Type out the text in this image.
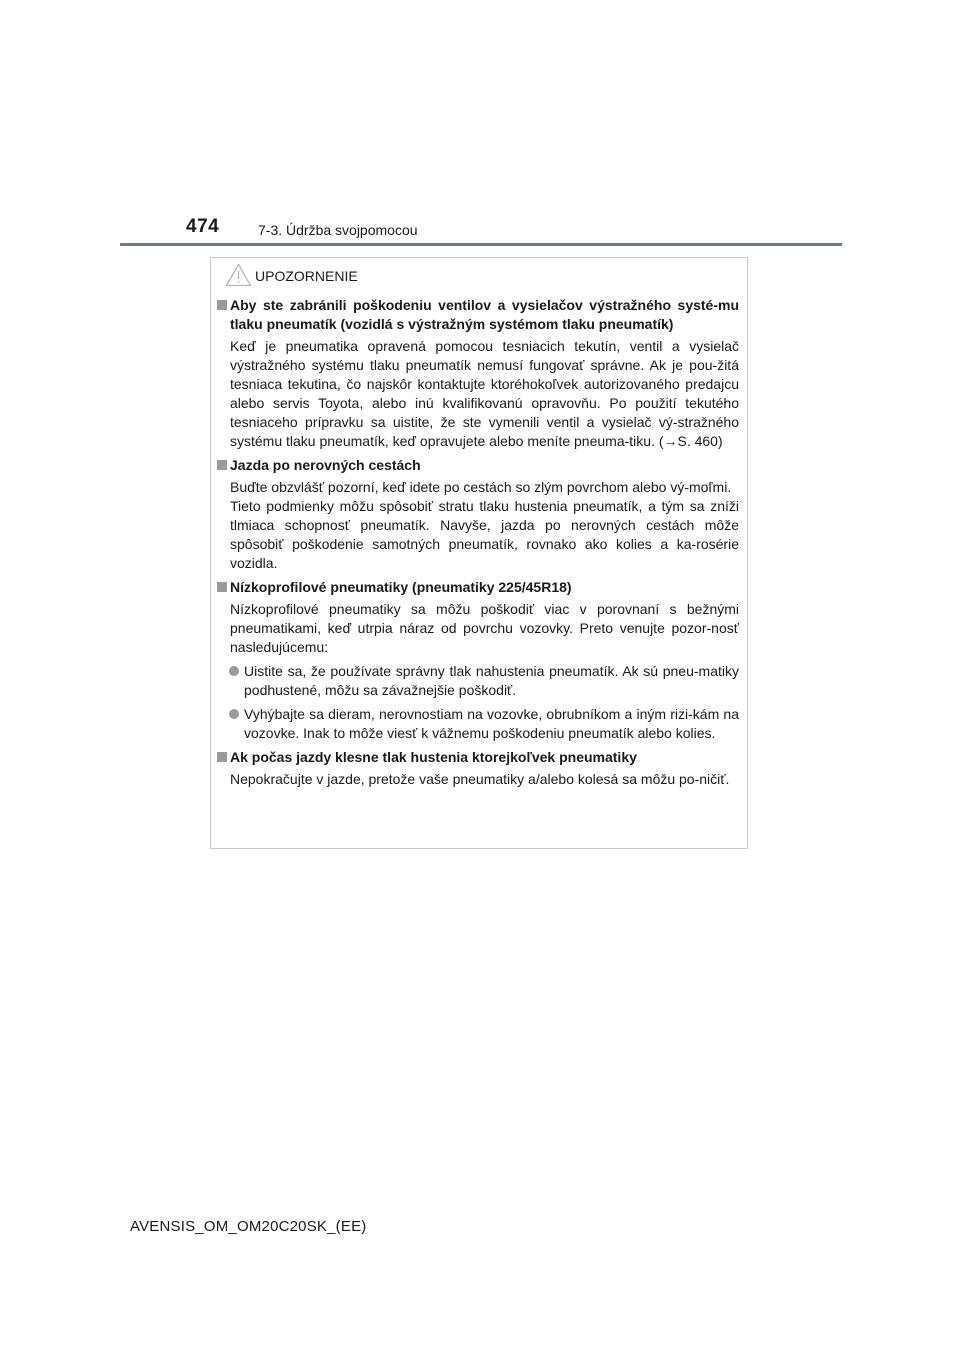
474	7-3. Údržba svojpomocou
UPOZORNENIE
Aby ste zabránili poškodeniu ventilov a vysielačov výstražného systé-mu tlaku pneumatík (vozidlá s výstražným systémom tlaku pneumatík)
Keď je pneumatika opravená pomocou tesniacich tekutín, ventil a vysielač výstražného systému tlaku pneumatík nemusí fungovať správne. Ak je pou-žitá tesniaca tekutina, čo najskôr kontaktujte ktoréhokoľvek autorizovaného predajcu alebo servis Toyota, alebo inú kvalifikovanú opravovňu. Po použití tekutého tesniaceho prípravku sa uistite, že ste vymenili ventil a vysielač vý-stražného systému tlaku pneumatík, keď opravujete alebo meníte pneuma-tiku. (→S. 460)
Jazda po nerovných cestách
Buďte obzvlášť pozorní, keď idete po cestách so zlým povrchom alebo vý-moľmi.
Tieto podmienky môžu spôsobiť stratu tlaku hustenia pneumatík, a tým sa zníži tlmiaca schopnosť pneumatík. Navyše, jazda po nerovných cestách môže spôsobiť poškodenie samotných pneumatík, rovnako ako kolies a ka-rosérie vozidla.
Nízkoprofilové pneumatiky (pneumatiky 225/45R18)
Nízkoprofilové pneumatiky sa môžu poškodiť viac v porovnaní s bežnými pneumatikami, keď utrpia náraz od povrchu vozovky. Preto venujte pozor-nosť nasledujúcemu:
Uistite sa, že používate správny tlak nahustenia pneumatík. Ak sú pneu-matiky podhustené, môžu sa závažnejšie poškodiť.
Vyhýbajte sa dieram, nerovnostiam na vozovke, obrubníkom a iným rizi-kám na vozovke. Inak to môže viesť k vážnemu poškodeniu pneumatík alebo kolies.
Ak počas jazdy klesne tlak hustenia ktorejkoľvek pneumatiky
Nepokračujte v jazde, pretože vaše pneumatiky a/alebo kolesá sa môžu po-ničiť.
AVENSIS_OM_OM20C20SK_(EE)
